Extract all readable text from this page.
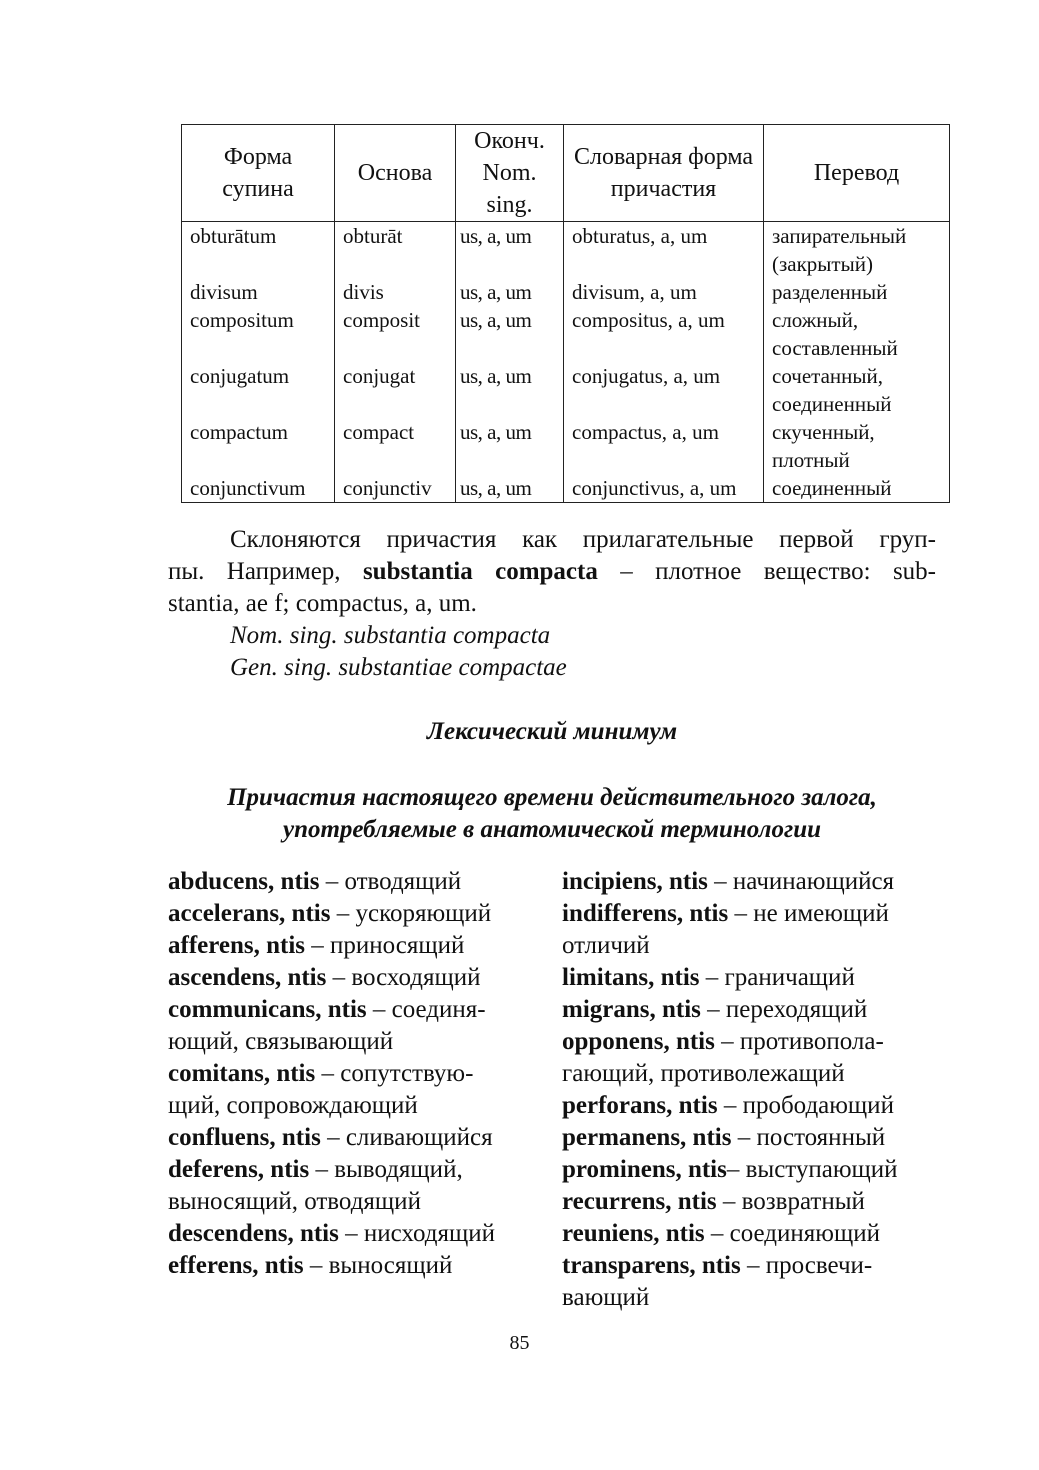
Форма супина	Основа	Оконч. Nom. sing.	Словарная форма причастия	Перевод
obturātum	obturāt	us, a, um	obturatus, a, um	запирательный
(закрытый)

divisum	divis	us, a, um	divisum, a, um	разделенный

compositum	composit	us, a, um	compositus, a, um	сложный,
составленный

conjugatum	conjugat	us, a, um	conjugatus, a, um	сочетанный,
соединенный

compactum	compact	us, a, um	compactus, a, um	скученный,
плотный

conjunctivum	conjunctiv	us, a, um	conjunctivus, a, um	соединенный
Склоняются причастия как прилагательные первой груп-
пы. Например, substantia compacta – плотное вещество: sub-
stantia, ae f; compactus, a, um.
Nom. sing. substantia compacta
Gen. sing. substantiae compactae
Лексический минимум
Причастия настоящего времени действительного залога,
употребляемые в анатомической терминологии
abducens, ntis – отводящий
accelerans, ntis – ускоряющий
afferens, ntis – приносящий
ascendens, ntis – восходящий
communicans, ntis – соединя-
ющий, связывающий
comitans, ntis – сопутствую-
щий, сопровождающий
confluens, ntis – сливающийся
deferens, ntis – выводящий,
выносящий, отводящий
descendens, ntis – нисходящий
efferens, ntis – выносящий
incipiens, ntis – начинающийся
indifferens, ntis – не имеющий
отличий
limitans, ntis – граничащий
migrans, ntis – переходящий
opponens, ntis – противопола-
гающий, противолежащий
perforans, ntis – прободающий
permanens, ntis – постоянный
prominens, ntis– выступающий
recurrens, ntis – возвратный
reuniens, ntis – соединяющий
transparens, ntis – просвечи-
вающий
85
